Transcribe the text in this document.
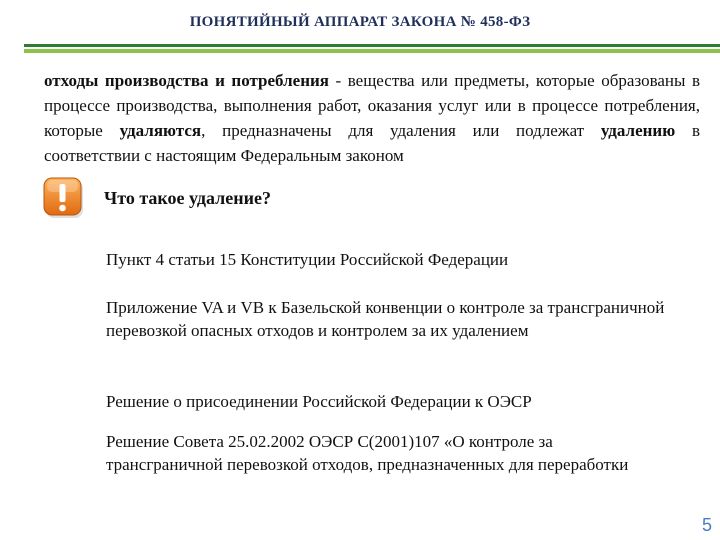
ПОНЯТИЙНЫЙ АППАРАТ ЗАКОНА № 458-ФЗ
отходы производства и потребления - вещества или предметы, которые образованы в процессе производства, выполнения работ, оказания услуг или в процессе потребления, которые удаляются, предназначены для удаления или подлежат удалению в соответствии с настоящим Федеральным законом
Что такое удаление?
Пункт 4 статьи 15 Конституции Российской Федерации
Приложение VA и VB к Базельской конвенции о контроле за трансграничной перевозкой опасных отходов и контролем за их удалением
Решение о присоединении Российской Федерации к ОЭСР
Решение Совета 25.02.2002 ОЭСР C(2001)107 «О контроле за трансграничной перевозкой отходов, предназначенных для переработки
5
